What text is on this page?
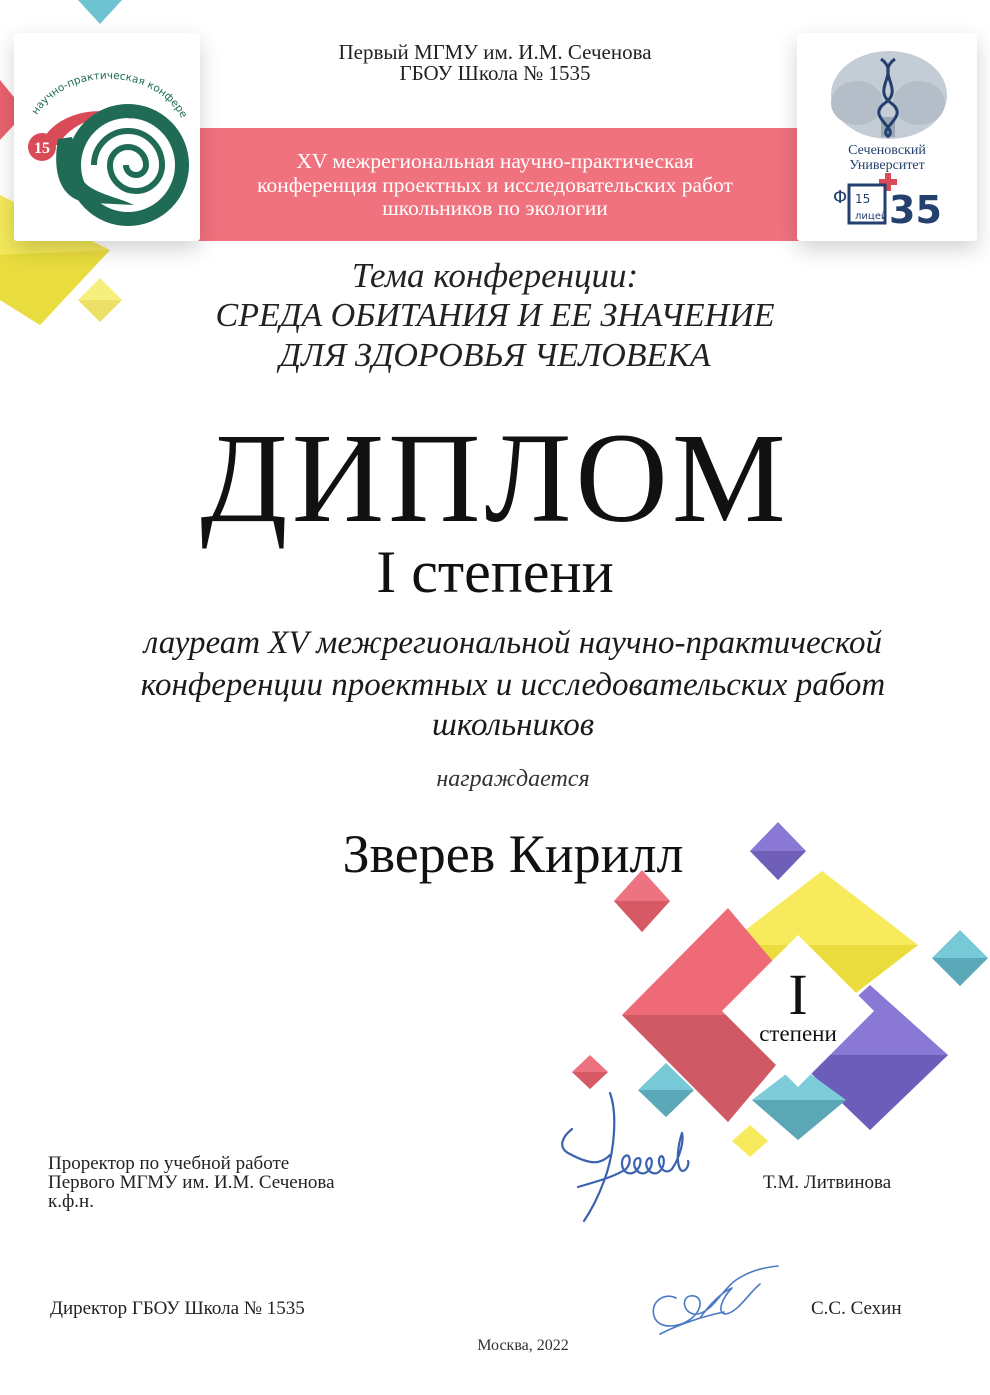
Первый МГМУ им. И.М. Сеченова
ГБОУ Школа № 1535
XV межрегиональная научно-практическая
конференция проектных и исследовательских работ
школьников по экологии
научно-практическая конфере
15	Сеченовский
Университет
Φ 15
лицей 35
Тема конференции:
СРЕДА ОБИТАНИЯ И ЕЕ ЗНАЧЕНИЕ
ДЛЯ ЗДОРОВЬЯ ЧЕЛОВЕКА
ДИПЛОМ
I степени
лауреат XV межрегиональной научно-практической
конференции проектных и исследовательских работ
школьников
награждается
I
степени
Зверев Кирилл
Проректор по учебной работе
Первого МГМУ им. И.М. Сеченова
к.ф.н.
Т.М. Литвинова
Директор ГБОУ Школа № 1535	С.С. Сехин
Москва, 2022
